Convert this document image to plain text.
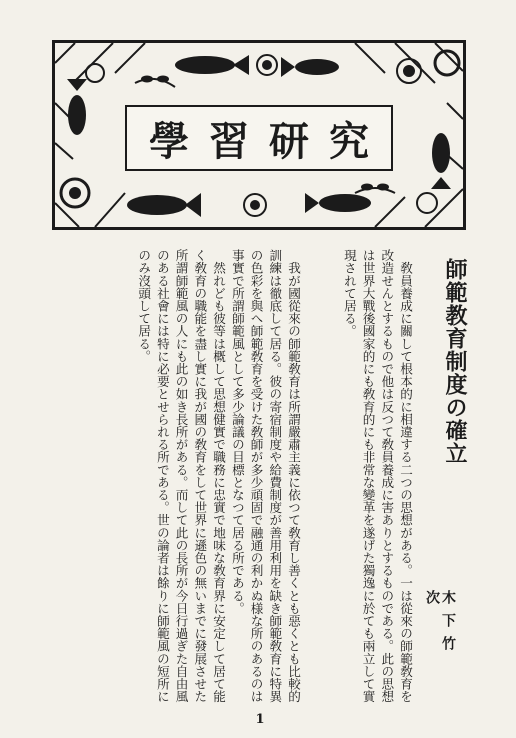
學習研究
師範教育制度の確立
木下竹次
　敎員養成に關して根本的に相違する二つの思想がある。一は從來の師範敎育を改造せんとするもので他は反つて敎員養成に害ありとするものである。此の思想は世界大戰後國家的にも敎育的にも非常な變革を遂げた獨逸に於ても兩立して實現されて居る。
　我が國從來の師範敎育は所謂嚴肅主義に依つて敎育し善くとも惡くとも比較的訓練は徹底して居る。彼の寄宿制度や給費制度が善用利用を缺き師範敎育に特異の色彩を與へ師範敎育を受けた敎師が多少頑固で融通の利かぬ様な所のあるのは事實で所謂師範風として多少論議の目標となつて居る所である。
　然れども彼等は概して思想健實で職務に忠實で地味な敎育界に安定して居て能く敎育の職能を盡し實に我が國の敎育をして世界に遜色の無いまでに發展させた所謂師範風の人にも此の如き長所がある。而して此の長所が今日行過ぎた自由風のある社會には特に必要とせられる所である。世の論者は餘りに師範風の短所にのみ沒頭して居る。
1
